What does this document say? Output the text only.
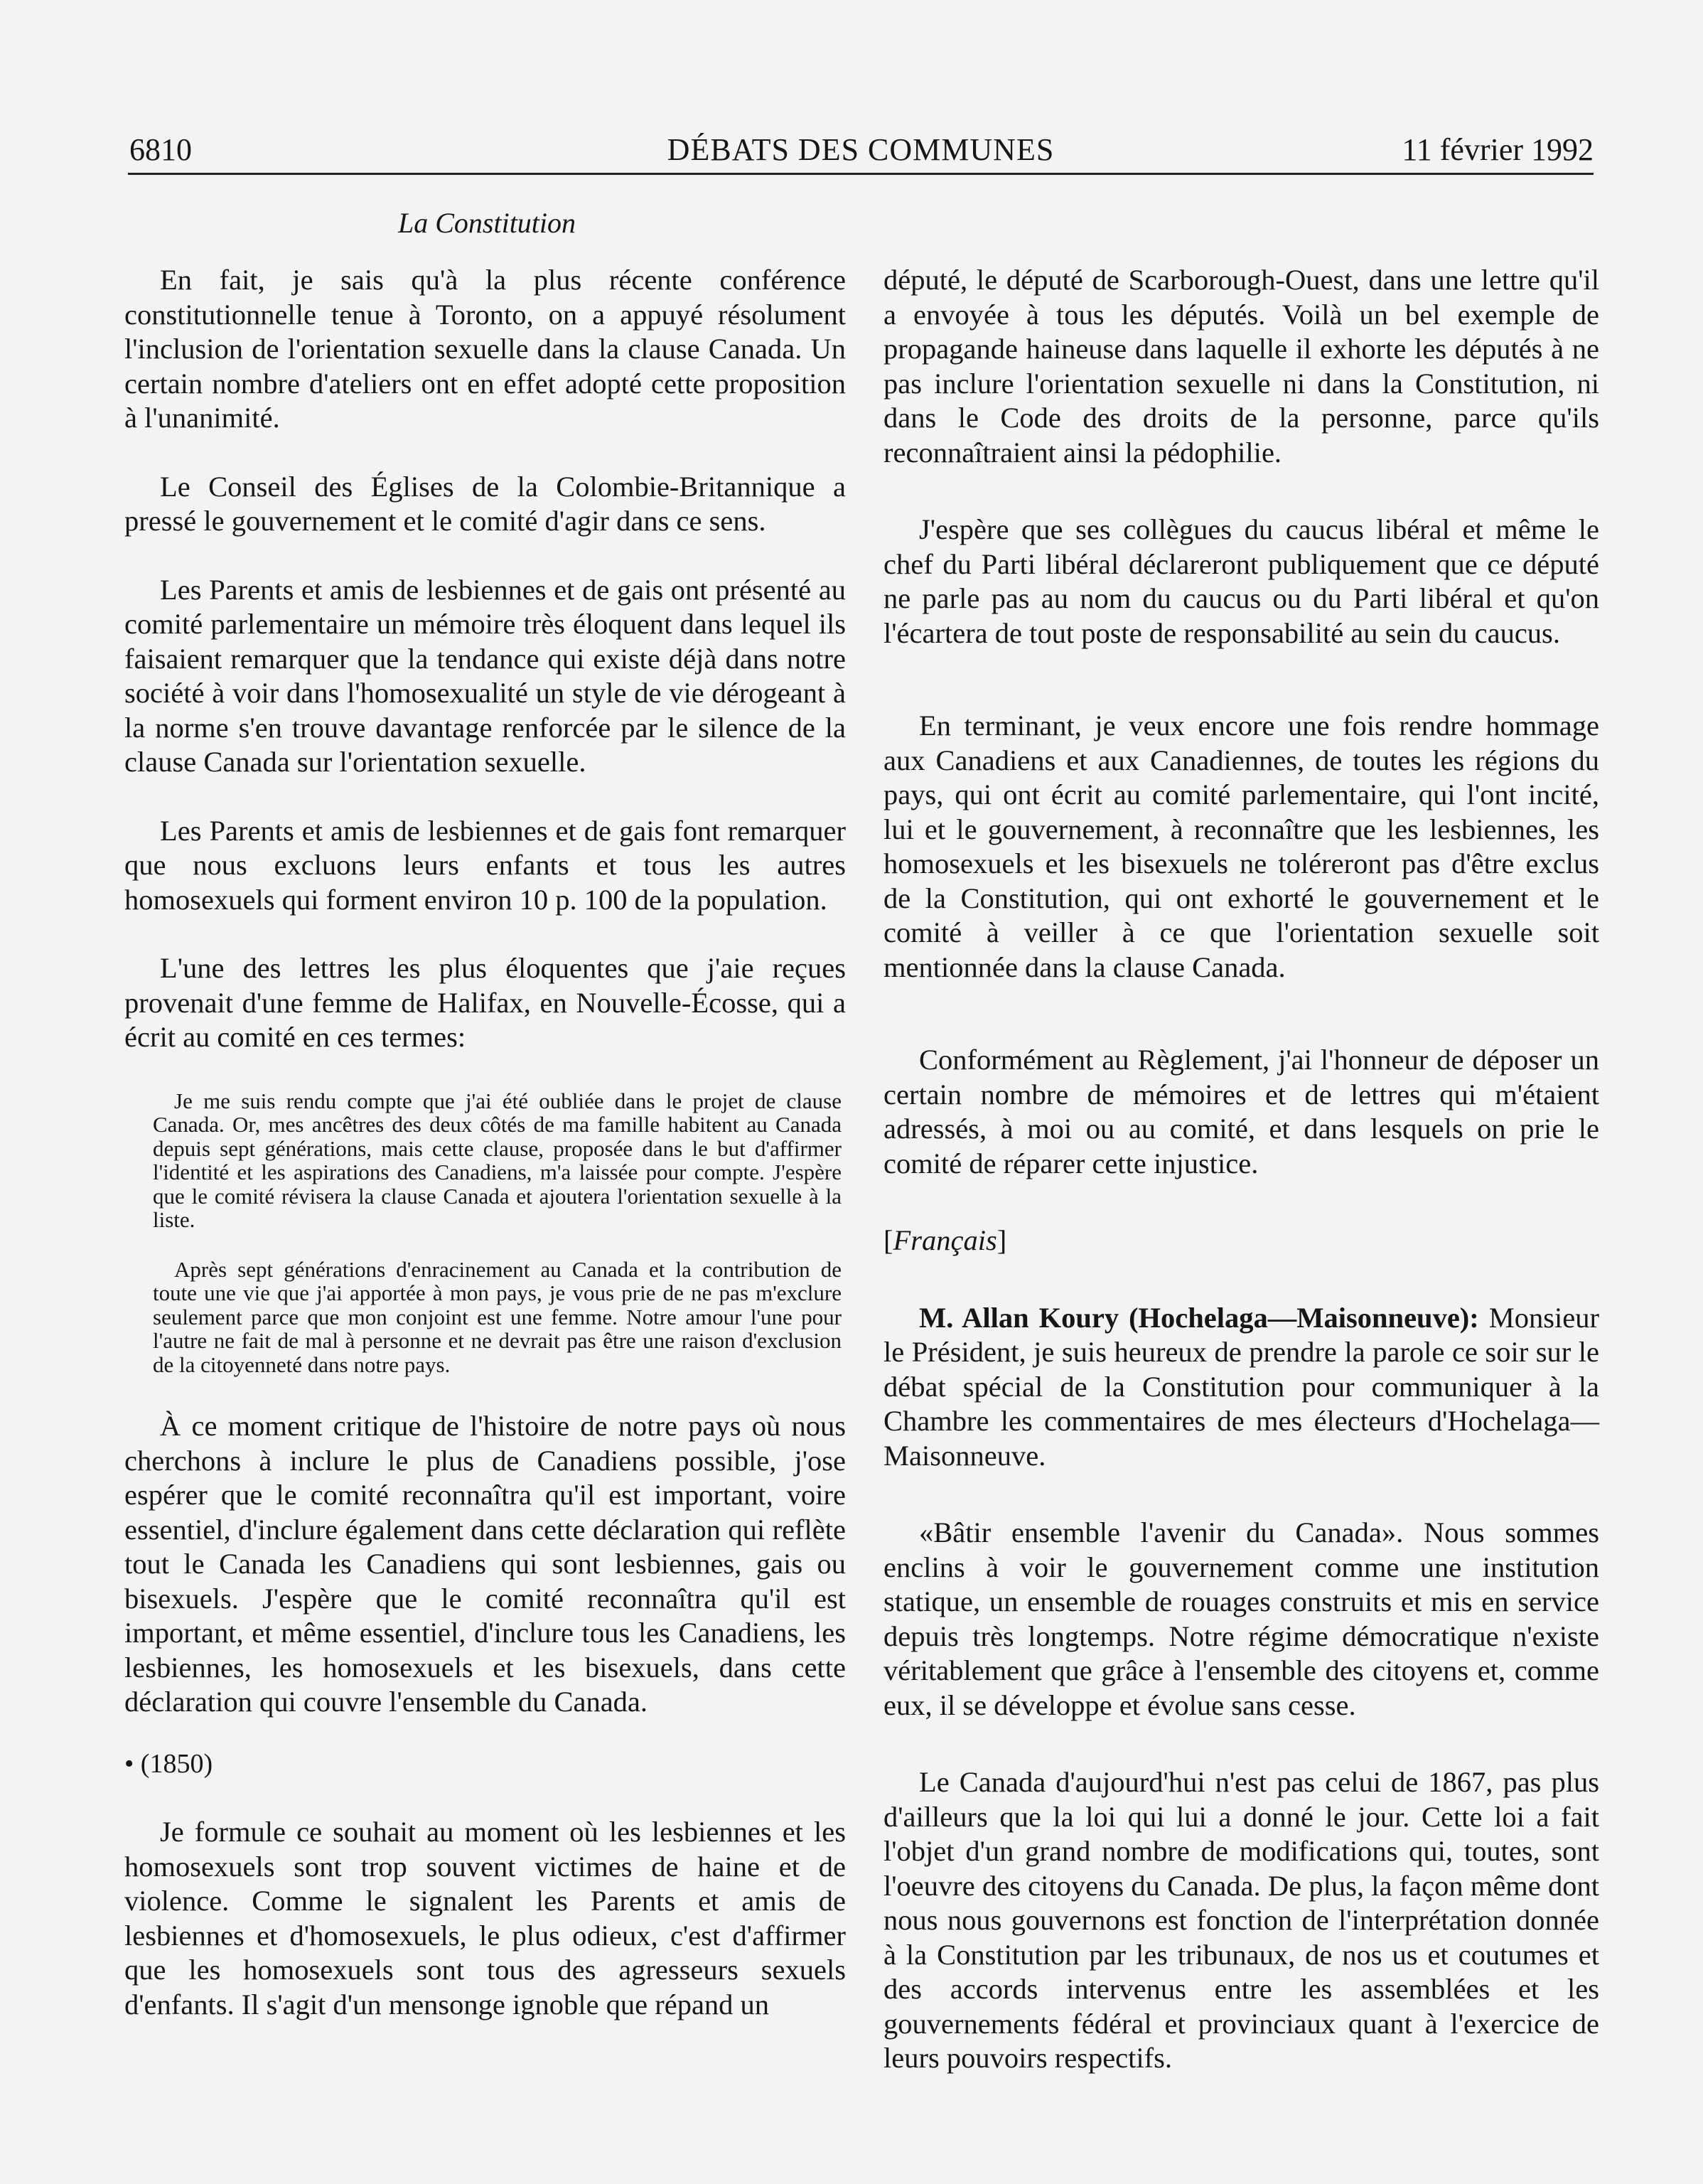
6810	DÉBATS DES COMMUNES	11 février 1992
La Constitution

En fait, je sais qu'à la plus récente conférence constitutionnelle tenue à Toronto, on a appuyé résolument l'inclusion de l'orientation sexuelle dans la clause Canada. Un certain nombre d'ateliers ont en effet adopté cette proposition à l'unanimité.

Le Conseil des Églises de la Colombie-Britannique a pressé le gouvernement et le comité d'agir dans ce sens.

Les Parents et amis de lesbiennes et de gais ont présenté au comité parlementaire un mémoire très éloquent dans lequel ils faisaient remarquer que la tendance qui existe déjà dans notre société à voir dans l'homosexualité un style de vie dérogeant à la norme s'en trouve davantage renforcée par le silence de la clause Canada sur l'orientation sexuelle.

Les Parents et amis de lesbiennes et de gais font remarquer que nous excluons leurs enfants et tous les autres homosexuels qui forment environ 10 p. 100 de la population.

L'une des lettres les plus éloquentes que j'aie reçues provenait d'une femme de Halifax, en Nouvelle-Écosse, qui a écrit au comité en ces termes:

Je me suis rendu compte que j'ai été oubliée dans le projet de clause Canada. Or, mes ancêtres des deux côtés de ma famille habitent au Canada depuis sept générations, mais cette clause, proposée dans le but d'affirmer l'identité et les aspirations des Canadiens, m'a laissée pour compte. J'espère que le comité révisera la clause Canada et ajoutera l'orientation sexuelle à la liste.

Après sept générations d'enracinement au Canada et la contribution de toute une vie que j'ai apportée à mon pays, je vous prie de ne pas m'exclure seulement parce que mon conjoint est une femme. Notre amour l'une pour l'autre ne fait de mal à personne et ne devrait pas être une raison d'exclusion de la citoyenneté dans notre pays.

À ce moment critique de l'histoire de notre pays où nous cherchons à inclure le plus de Canadiens possible, j'ose espérer que le comité reconnaîtra qu'il est important, voire essentiel, d'inclure également dans cette déclaration qui reflète tout le Canada les Canadiens qui sont lesbiennes, gais ou bisexuels. J'espère que le comité reconnaîtra qu'il est important, et même essentiel, d'inclure tous les Canadiens, les lesbiennes, les homosexuels et les bisexuels, dans cette déclaration qui couvre l'ensemble du Canada.

• (1850)

Je formule ce souhait au moment où les lesbiennes et les homosexuels sont trop souvent victimes de haine et de violence. Comme le signalent les Parents et amis de lesbiennes et d'homosexuels, le plus odieux, c'est d'affirmer que les homosexuels sont tous des agresseurs sexuels d'enfants. Il s'agit d'un mensonge ignoble que répand un

député, le député de Scarborough-Ouest, dans une lettre qu'il a envoyée à tous les députés. Voilà un bel exemple de propagande haineuse dans laquelle il exhorte les députés à ne pas inclure l'orientation sexuelle ni dans la Constitution, ni dans le Code des droits de la personne, parce qu'ils reconnaîtraient ainsi la pédophilie.

J'espère que ses collègues du caucus libéral et même le chef du Parti libéral déclareront publiquement que ce député ne parle pas au nom du caucus ou du Parti libéral et qu'on l'écartera de tout poste de responsabilité au sein du caucus.

En terminant, je veux encore une fois rendre hommage aux Canadiens et aux Canadiennes, de toutes les régions du pays, qui ont écrit au comité parlementaire, qui l'ont incité, lui et le gouvernement, à reconnaître que les lesbiennes, les homosexuels et les bisexuels ne toléreront pas d'être exclus de la Constitution, qui ont exhorté le gouvernement et le comité à veiller à ce que l'orientation sexuelle soit mentionnée dans la clause Canada.

Conformément au Règlement, j'ai l'honneur de déposer un certain nombre de mémoires et de lettres qui m'étaient adressés, à moi ou au comité, et dans lesquels on prie le comité de réparer cette injustice.

[Français]

M. Allan Koury (Hochelaga—Maisonneuve): Monsieur le Président, je suis heureux de prendre la parole ce soir sur le débat spécial de la Constitution pour communiquer à la Chambre les commentaires de mes électeurs d'Hochelaga—Maisonneuve.

«Bâtir ensemble l'avenir du Canada». Nous sommes enclins à voir le gouvernement comme une institution statique, un ensemble de rouages construits et mis en service depuis très longtemps. Notre régime démocratique n'existe véritablement que grâce à l'ensemble des citoyens et, comme eux, il se développe et évolue sans cesse.

Le Canada d'aujourd'hui n'est pas celui de 1867, pas plus d'ailleurs que la loi qui lui a donné le jour. Cette loi a fait l'objet d'un grand nombre de modifications qui, toutes, sont l'oeuvre des citoyens du Canada. De plus, la façon même dont nous nous gouvernons est fonction de l'interprétation donnée à la Constitution par les tribunaux, de nos us et coutumes et des accords intervenus entre les assemblées et les gouvernements fédéral et provinciaux quant à l'exercice de leurs pouvoirs respectifs.
